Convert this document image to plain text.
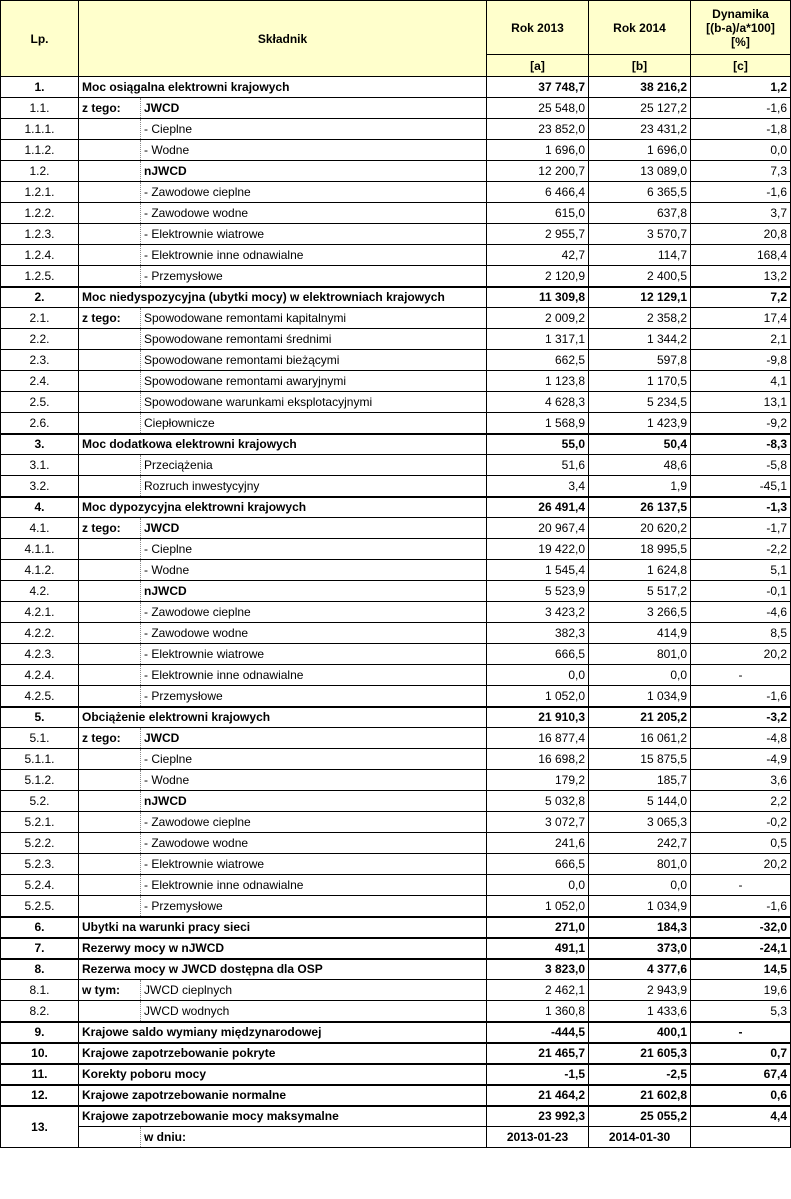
Lp.	Składnik		Rok 2013	Rok 2014	Dynamika
[(b-a)/a*100]
[%]
			[a]	[b]	[c]
1.	Moc osiągalna elektrowni krajowych		37 748,7	38 216,2	1,2
1.1.	z tego:	JWCD	25 548,0	25 127,2	-1,6
1.1.1.		- Cieplne	23 852,0	23 431,2	-1,8
1.1.2.		- Wodne	1 696,0	1 696,0	0,0
1.2.		nJWCD	12 200,7	13 089,0	7,3
1.2.1.		- Zawodowe cieplne	6 466,4	6 365,5	-1,6
1.2.2.		- Zawodowe wodne	615,0	637,8	3,7
1.2.3.		- Elektrownie wiatrowe	2 955,7	3 570,7	20,8
1.2.4.		- Elektrownie inne odnawialne	42,7	114,7	168,4
1.2.5.		- Przemysłowe	2 120,9	2 400,5	13,2
2.	Moc niedyspozycyjna (ubytki mocy) w elektrowniach krajowych		11 309,8	12 129,1	7,2
2.1.	z tego:	Spowodowane remontami kapitalnymi	2 009,2	2 358,2	17,4
2.2.		Spowodowane remontami średnimi	1 317,1	1 344,2	2,1
2.3.		Spowodowane remontami bieżącymi	662,5	597,8	-9,8
2.4.		Spowodowane remontami awaryjnymi	1 123,8	1 170,5	4,1
2.5.		Spowodowane warunkami eksplotacyjnymi	4 628,3	5 234,5	13,1
2.6.		Ciepłownicze	1 568,9	1 423,9	-9,2
3.	Moc dodatkowa elektrowni krajowych		55,0	50,4	-8,3
3.1.		Przeciążenia	51,6	48,6	-5,8
3.2.		Rozruch inwestycyjny	3,4	1,9	-45,1
4.	Moc dypozycyjna elektrowni krajowych		26 491,4	26 137,5	-1,3
4.1.	z tego:	JWCD	20 967,4	20 620,2	-1,7
4.1.1.		- Cieplne	19 422,0	18 995,5	-2,2
4.1.2.		- Wodne	1 545,4	1 624,8	5,1
4.2.		nJWCD	5 523,9	5 517,2	-0,1
4.2.1.		- Zawodowe cieplne	3 423,2	3 266,5	-4,6
4.2.2.		- Zawodowe wodne	382,3	414,9	8,5
4.2.3.		- Elektrownie wiatrowe	666,5	801,0	20,2
4.2.4.		- Elektrownie inne odnawialne	0,0	0,0	-
4.2.5.		- Przemysłowe	1 052,0	1 034,9	-1,6
5.	Obciążenie elektrowni krajowych		21 910,3	21 205,2	-3,2
5.1.	z tego:	JWCD	16 877,4	16 061,2	-4,8
5.1.1.		- Cieplne	16 698,2	15 875,5	-4,9
5.1.2.		- Wodne	179,2	185,7	3,6
5.2.		nJWCD	5 032,8	5 144,0	2,2
5.2.1.		- Zawodowe cieplne	3 072,7	3 065,3	-0,2
5.2.2.		- Zawodowe wodne	241,6	242,7	0,5
5.2.3.		- Elektrownie wiatrowe	666,5	801,0	20,2
5.2.4.		- Elektrownie inne odnawialne	0,0	0,0	-
5.2.5.		- Przemysłowe	1 052,0	1 034,9	-1,6
6.	Ubytki na warunki pracy sieci		271,0	184,3	-32,0
7.	Rezerwy mocy w nJWCD		491,1	373,0	-24,1
8.	Rezerwa mocy w JWCD dostępna dla OSP		3 823,0	4 377,6	14,5
8.1.	w tym:	JWCD cieplnych	2 462,1	2 943,9	19,6
8.2.		JWCD wodnych	1 360,8	1 433,6	5,3
9.	Krajowe saldo wymiany międzynarodowej		-444,5	400,1	-
10.	Krajowe zapotrzebowanie pokryte		21 465,7	21 605,3	0,7
11.	Korekty poboru mocy		-1,5	-2,5	67,4
12.	Krajowe zapotrzebowanie normalne		21 464,2	21 602,8	0,6
13.	Krajowe zapotrzebowanie mocy maksymalne		23 992,3	25 055,2	4,4
		w dniu:	2013-01-23	2014-01-30	
